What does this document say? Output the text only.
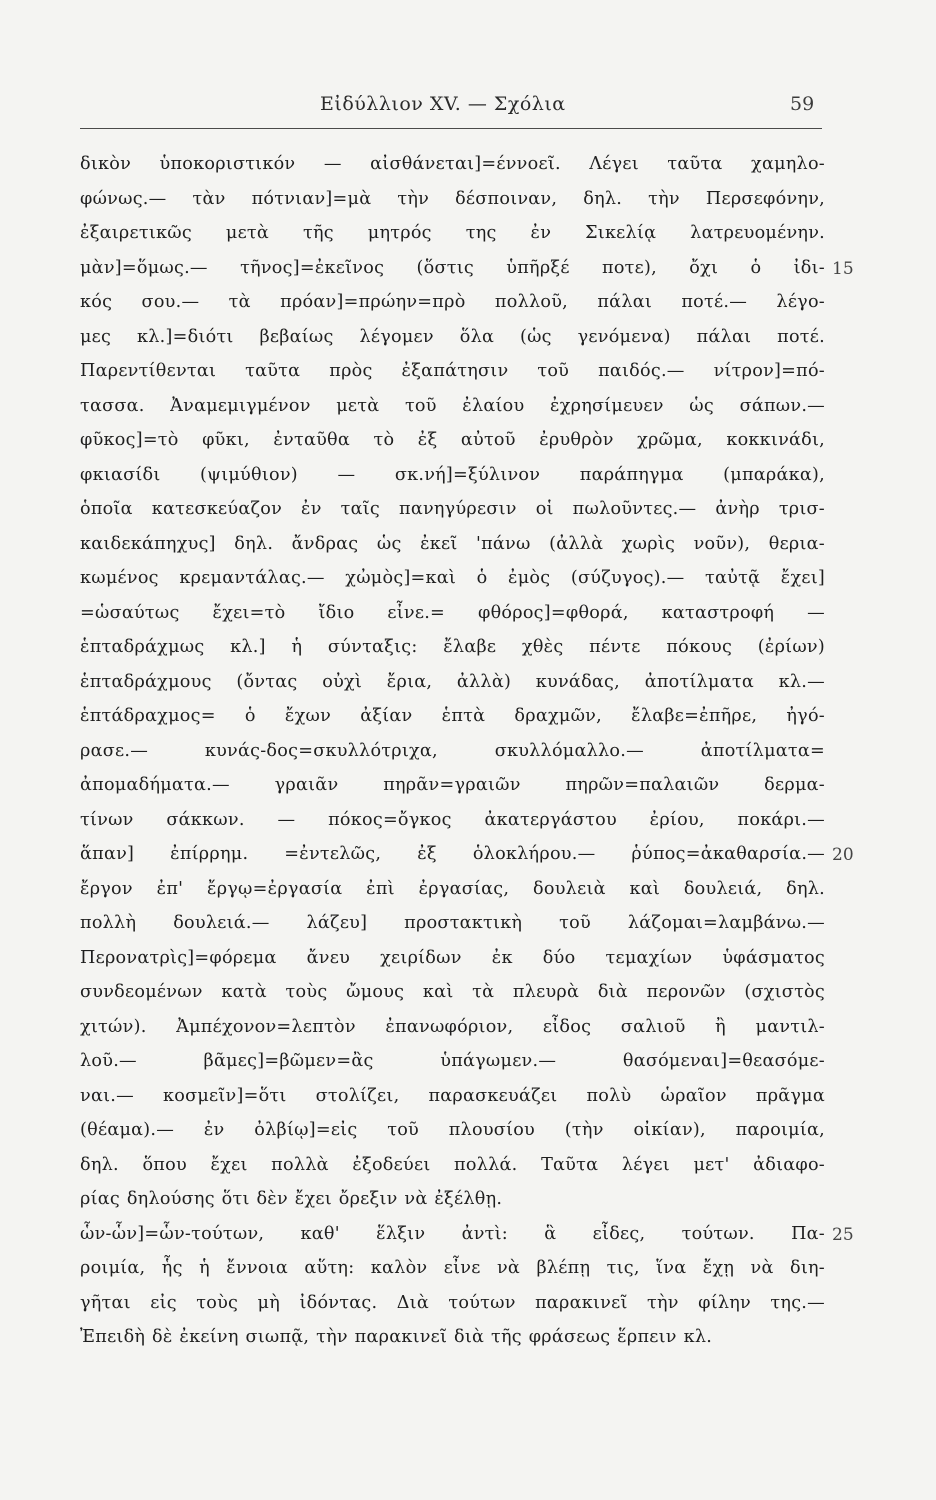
Εἰδύλλιον XV. — Σχόλια	59
δικὸν ὑποκοριστικόν — αἰσθάνεται]=έννοεῖ. Λέγει ταῦτα χαμηλο-
φώνως.— τὰν πότνιαν]=μὰ τὴν δέσποιναν, δηλ. τὴν Περσεφόνην,
ἐξαιρετικῶς μετὰ τῆς μητρός της ἐν Σικελίᾳ λατρευομένην.
μὰν]=ὅμως.— τῆνος]=ἐκεῖνος (ὅστις ὑπῆρξέ ποτε), ὄχι ὁ ἰδι-
κός σου.— τὰ πρόαν]=πρώην=πρὸ πολλοῦ, πάλαι ποτέ.— λέγο-
μες κλ.]=διότι βεβαίως λέγομεν ὅλα (ὡς γενόμενα) πάλαι ποτέ.
Παρεντίθενται ταῦτα πρὸς ἐξαπάτησιν τοῦ παιδός.— νίτρον]=πό-
τασσα. Ἀναμεμιγμένον μετὰ τοῦ ἐλαίου ἐχρησίμευεν ὡς σάπων.—
φῦκος]=τὸ φῦκι, ἐνταῦθα τὸ ἐξ αὐτοῦ ἐρυθρὸν χρῶμα, κοκκινάδι,
φκιασίδι (ψιμύθιον) — σκ.νή]=ξύλινον παράπηγμα (μπαράκα),
ὁποῖα κατεσκεύαζον ἐν ταῖς πανηγύρεσιν οἱ πωλοῦντες.— ἀνὴρ τρισ-
καιδεκάπηχυς] δηλ. ἄνδρας ὡς ἐκεῖ 'πάνω (ἀλλὰ χωρὶς νοῦν), θερια-
κωμένος κρεμαντάλας.— χὠμὸς]=καὶ ὁ ἐμὸς (σύζυγος).— ταὐτᾷ ἔχει]
=ὡσαύτως ἔχει=τὸ ἴδιο εἶνε.= φθόρος]=φθορά, καταστροφή —
ἑπταδράχμως κλ.] ἡ σύνταξις: ἔλαβε χθὲς πέντε πόκους (ἐρίων)
ἑπταδράχμους (ὄντας οὐχὶ ἔρια, ἀλλὰ) κυνάδας, ἀποτίλματα κλ.—
ἑπτάδραχμος= ὁ ἔχων ἀξίαν ἑπτὰ δραχμῶν, ἔλαβε=ἐπῆρε, ἠγό-
ρασε.— κυνάς-δος=σκυλλότριχα, σκυλλόμαλλο.— ἀποτίλματα=
ἀπομαδήματα.— γραιᾶν πηρᾶν=γραιῶν πηρῶν=παλαιῶν δερμα-
τίνων σάκκων. — πόκος=ὄγκος ἀκατεργάστου ἐρίου, ποκάρι.—
ἅπαν] ἐπίρρημ. =ἐντελῶς, ἐξ ὁλοκλήρου.— ῥύπος=ἀκαθαρσία.—
ἔργον ἐπ' ἔργῳ=ἐργασία ἐπὶ ἐργασίας, δουλειὰ καὶ δουλειά, δηλ.
πολλὴ δουλειά.— λάζευ] προστακτικὴ τοῦ λάζομαι=λαμβάνω.—
Περονατρὶς]=φόρεμα ἄνευ χειρίδων ἐκ δύο τεμαχίων ὑφάσματος
συνδεομένων κατὰ τοὺς ὤμους καὶ τὰ πλευρὰ διὰ περονῶν (σχιστὸς
χιτών). Ἀμπέχονον=λεπτὸν ἐπανωφόριον, εἶδος σαλιοῦ ἢ μαντιλ-
λοῦ.— βᾶμες]=βῶμεν=ἂς ὑπάγωμεν.— θασόμεναι]=θεασόμε-
ναι.— κοσμεῖν]=ὅτι στολίζει, παρασκευάζει πολὺ ὡραῖον πρᾶγμα
(θέαμα).— ἐν ὀλβίῳ]=εἰς τοῦ πλουσίου (τὴν οἰκίαν), παροιμία,
δηλ. ὅπου ἔχει πολλὰ ἐξοδεύει πολλά. Ταῦτα λέγει μετ' ἀδιαφο-
ρίας δηλούσης ὅτι δὲν ἔχει ὄρεξιν νὰ ἐξέλθῃ.
ὧν-ὧν]=ὧν-τούτων, καθ' ἕλξιν ἀντὶ: ἃ εἶδες, τούτων. Πα-
ροιμία, ἧς ἡ ἔννοια αὕτη: καλὸν εἶνε νὰ βλέπῃ τις, ἵνα ἔχῃ νὰ διη-
γῆται εἰς τοὺς μὴ ἰδόντας. Διὰ τούτων παρακινεῖ τὴν φίλην της.—
Ἐπειδὴ δὲ ἐκείνη σιωπᾷ, τὴν παρακινεῖ διὰ τῆς φράσεως ἕρπειν κλ.
15
20
25
